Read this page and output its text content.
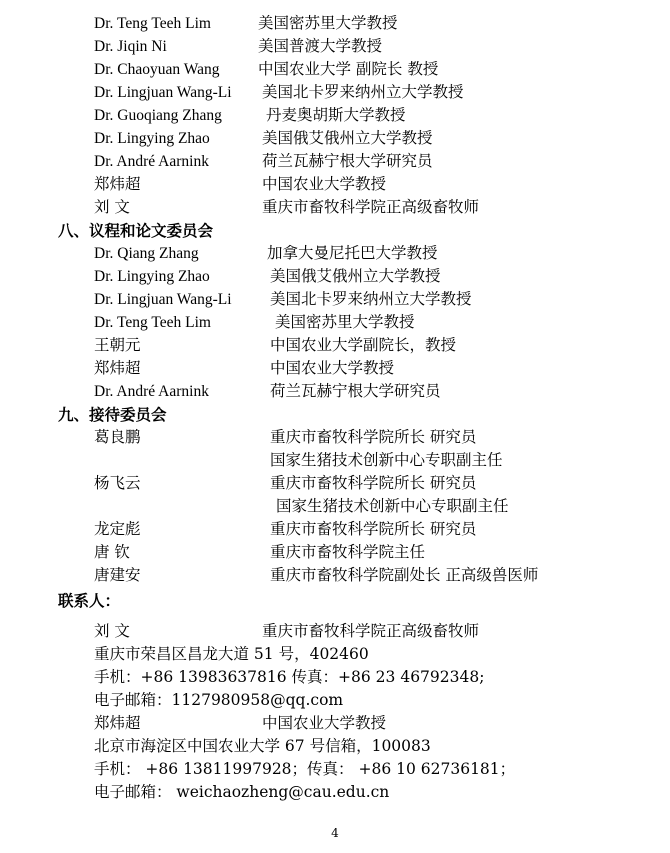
Dr. Teng Teeh Lim	美国密苏里大学教授
Dr. Jiqin Ni	美国普渡大学教授
Dr. Chaoyuan Wang 中国农业大学 副院长 教授
Dr. Lingjuan Wang-Li 美国北卡罗来纳州立大学教授
Dr. Guoqiang Zhang	丹麦奥胡斯大学教授
Dr. Lingying Zhao	美国俄艾俄州立大学教授
Dr. André Aarnink	荷兰瓦赫宁根大学研究员
郑炜超	中国农业大学教授
刘 文	重庆市畜牧科学院正高级畜牧师
八、议程和论文委员会
Dr. Qiang Zhang	加拿大曼尼托巴大学教授
Dr. Lingying Zhao	美国俄艾俄州立大学教授
Dr. Lingjuan Wang-Li 美国北卡罗来纳州立大学教授
Dr. Teng Teeh Lim	美国密苏里大学教授
王朝元	中国农业大学副院长，教授
郑炜超	中国农业大学教授
Dr. André Aarnink	荷兰瓦赫宁根大学研究员
九、接待委员会
葛良鹏	重庆市畜牧科学院所长 研究员
国家生猪技术创新中心专职副主任
杨飞云	重庆市畜牧科学院所长 研究员
国家生猪技术创新中心专职副主任
龙定彪	重庆市畜牧科学院所长 研究员
唐 钦	重庆市畜牧科学院主任
唐建安	重庆市畜牧科学院副处长 正高级兽医师
联系人：
刘 文	重庆市畜牧科学院正高级畜牧师
重庆市荣昌区昌龙大道 51 号，402460
手机：+86 13983637816 传真：+86 23 46792348;
电子邮箱：1127980958@qq.com
郑炜超	中国农业大学教授
北京市海淀区中国农业大学 67 号信箱，100083
手机： +86 13811997928；传真： +86 10 62736181；
电子邮箱： weichaozheng@cau.edu.cn
4
